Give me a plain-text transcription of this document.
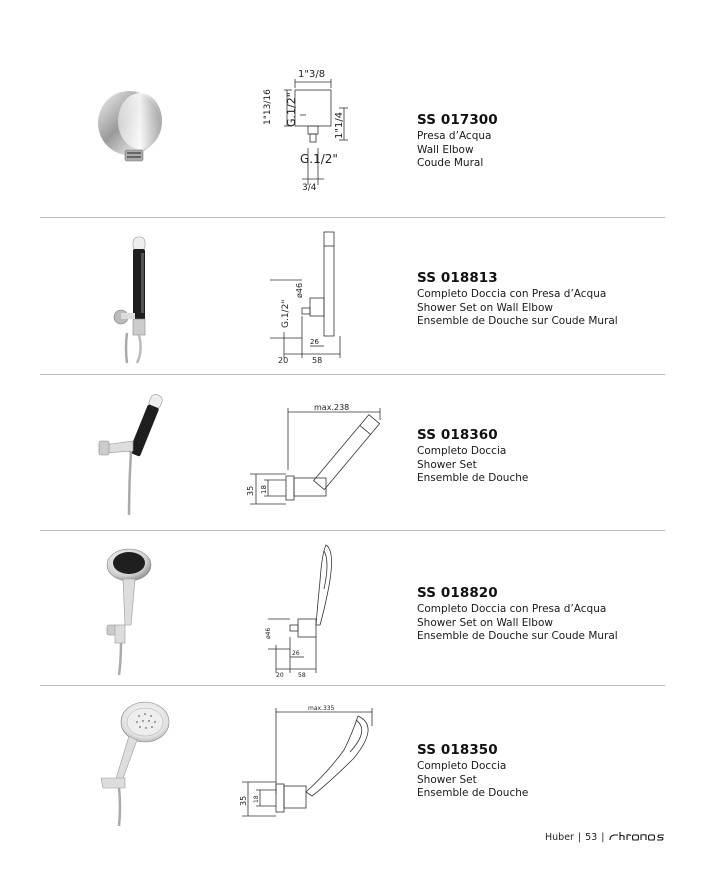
1"3/8
1"13/16 G.1/2"	1"1/4
G.1/2"
3/4
SS 017300
Presa d’Acqua
Wall Elbow
Coude Mural
ø46
G.1/2"
20	58
26
SS 018813
Completo Doccia con Presa d’Acqua
Shower Set on Wall Elbow
Ensemble de Douche sur Coude Mural
max.238
35 18
SS 018360
Completo Doccia
Shower Set
Ensemble de Douche
20 58
26
ø46
SS 018820
Completo Doccia con Presa d’Acqua
Shower Set on Wall Elbow
Ensemble de Douche sur Coude Mural
max.335
35 18
SS 018350
Completo Doccia
Shower Set
Ensemble de Douche
Huber | 53 |
